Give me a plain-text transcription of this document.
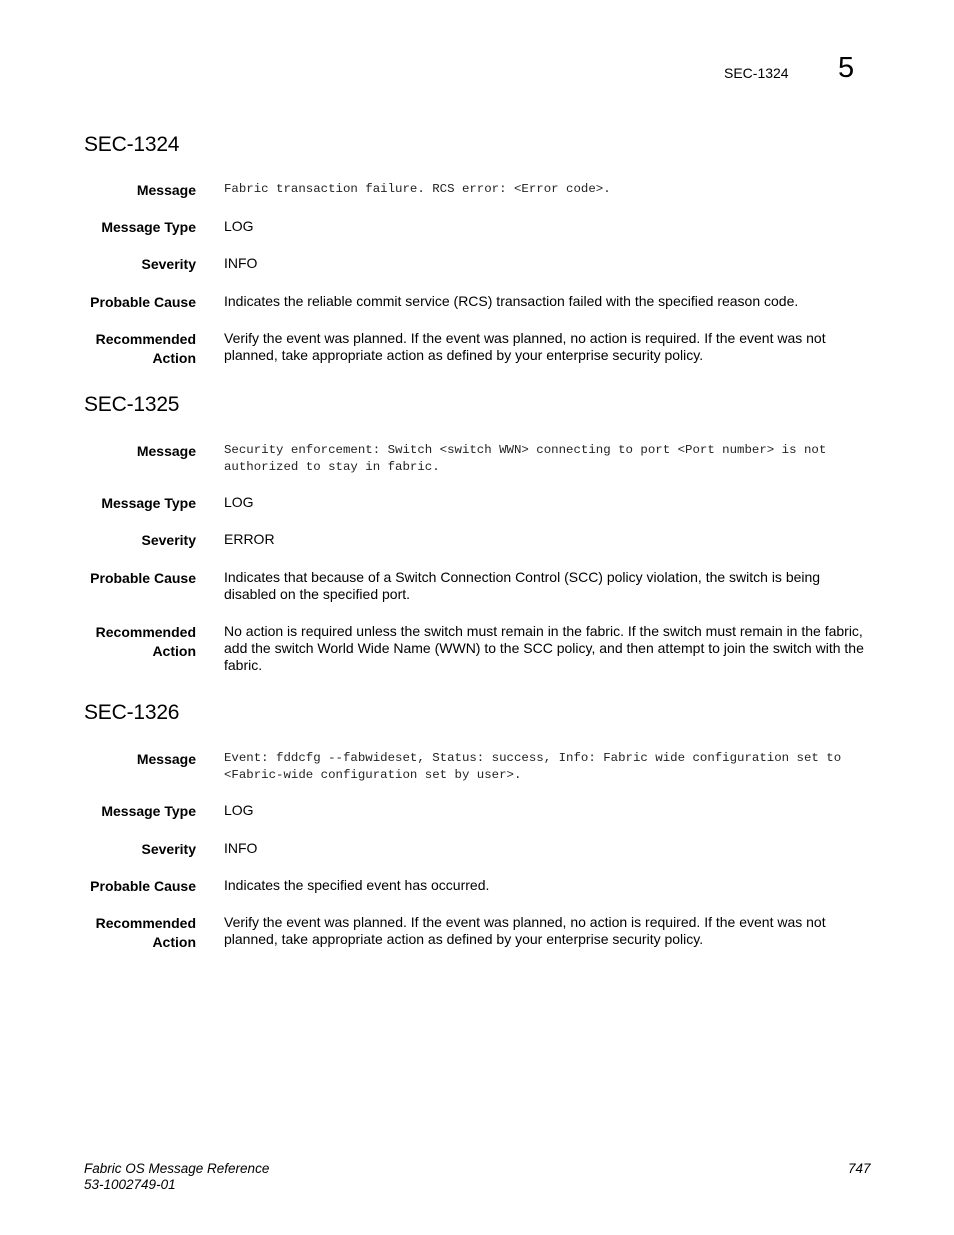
SEC-1324 5
SEC-1324
Message Fabric transaction failure. RCS error: <Error code>.
Message Type LOG
Severity INFO
Probable Cause Indicates the reliable commit service (RCS) transaction failed with the specified reason code.
Recommended
Action
Verify the event was planned. If the event was planned, no action is required. If the event was not planned, take appropriate action as defined by your enterprise security policy.
SEC-1325
Message Security enforcement: Switch <switch WWN> connecting to port <Port number> is not authorized to stay in fabric.
Message Type LOG
Severity ERROR
Probable Cause Indicates that because of a Switch Connection Control (SCC) policy violation, the switch is being disabled on the specified port.
Recommended
Action
No action is required unless the switch must remain in the fabric. If the switch must remain in the fabric, add the switch World Wide Name (WWN) to the SCC policy, and then attempt to join the switch with the fabric.
SEC-1326
Message Event: fddcfg --fabwideset, Status: success, Info: Fabric wide configuration set to <Fabric-wide configuration set by user>.
Message Type LOG
Severity INFO
Probable Cause Indicates the specified event has occurred.
Recommended
Action
Verify the event was planned. If the event was planned, no action is required. If the event was not planned, take appropriate action as defined by your enterprise security policy.
Fabric OS Message Reference
53-1002749-01
747
